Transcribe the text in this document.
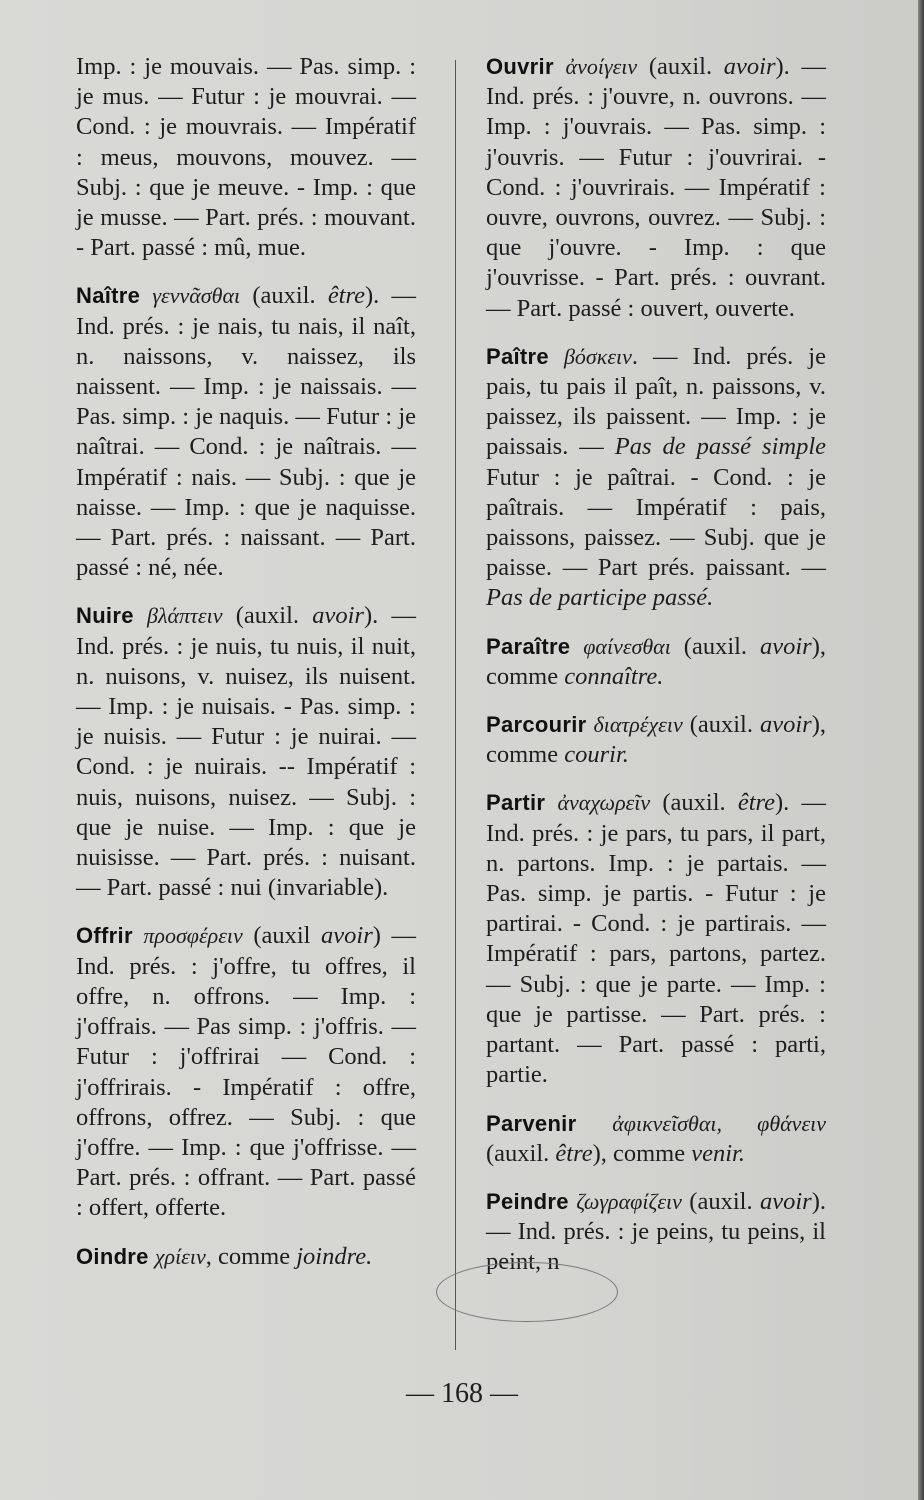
Imp. : je mouvais. — Pas. simp. : je mus. — Futur : je mouvrai. — Cond. : je mouvrais. — Impératif : meus, mouvons, mouvez. — Subj. : que je meuve. - Imp. : que je musse. — Part. prés. : mouvant. - Part. passé : mû, mue.

Naître γεννᾶσθαι (auxil. être). — Ind. prés. : je nais, tu nais, il naît, n. naissons, v. naissez, ils naissent. — Imp. : je naissais. — Pas. simp. : je naquis. — Futur : je naîtrai. — Cond. : je naîtrais. — Impératif : nais. — Subj. : que je naisse. — Imp. : que je naquisse. — Part. prés. : naissant. — Part. passé : né, née.

Nuire βλάπτειν (auxil. avoir). — Ind. prés. : je nuis, tu nuis, il nuit, n. nuisons, v. nuisez, ils nuisent. — Imp. : je nuisais. - Pas. simp. : je nuisis. — Futur : je nuirai. — Cond. : je nuirais. -- Impératif : nuis, nuisons, nuisez. — Subj. : que je nuise. — Imp. : que je nuisisse. — Part. prés. : nuisant. — Part. passé : nui (invariable).

Offrir προσφέρειν (auxil avoir) — Ind. prés. : j'offre, tu offres, il offre, n. offrons. — Imp. : j'offrais. — Pas simp. : j'offris. — Futur : j'offrirai — Cond. : j'offrirais. - Impératif : offre, offrons, offrez. — Subj. : que j'offre. — Imp. : que j'offrisse. — Part. prés. : offrant. — Part. passé : offert, offerte.

Oindre χρίειν, comme joindre.

Ouvrir ἀνοίγειν (auxil. avoir). — Ind. prés. : j'ouvre, n. ouvrons. — Imp. : j'ouvrais. — Pas. simp. : j'ouvris. — Futur : j'ouvrirai. - Cond. : j'ouvrirais. — Impératif : ouvre, ouvrons, ouvrez. — Subj. : que j'ouvre. - Imp. : que j'ouvrisse. - Part. prés. : ouvrant. — Part. passé : ouvert, ouverte.

Paître βόσκειν. — Ind. prés. je pais, tu pais il paît, n. paissons, v. paissez, ils paissent. — Imp. : je paissais. — Pas de passé simple Futur : je paîtrai. - Cond. : je paîtrais. — Impératif : pais, paissons, paissez. — Subj. que je paisse. — Part prés. paissant. — Pas de participe passé.

Paraître φαίνεσθαι (auxil. avoir), comme connaître.

Parcourir διατρέχειν (auxil. avoir), comme courir.

Partir ἀναχωρεῖν (auxil. être). — Ind. prés. : je pars, tu pars, il part, n. partons. Imp. : je partais. — Pas. simp. je partis. - Futur : je partirai. - Cond. : je partirais. — Impératif : pars, partons, partez. — Subj. : que je parte. — Imp. : que je partisse. — Part. prés. : partant. — Part. passé : parti, partie.

Parvenir ἀφικνεῖσθαι, φθάνειν (auxil. être), comme venir.

Peindre ζωγραφίζειν (auxil. avoir). — Ind. prés. : je peins, tu peins, il peint, n

— 168 —
